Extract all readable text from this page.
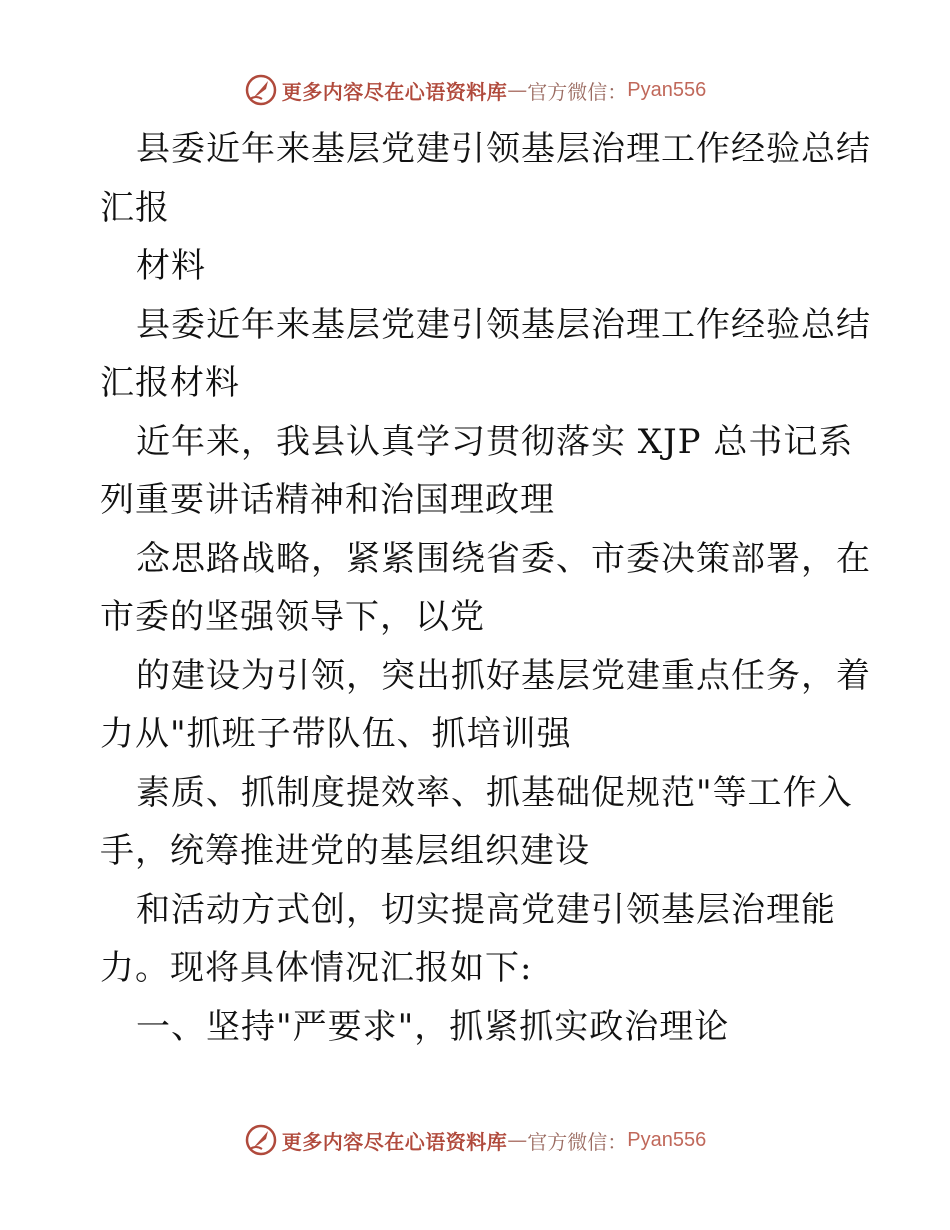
更多内容尽在心语资料库 — 官方微信： Pyan556
县委近年来基层党建引领基层治理工作经验总结
汇报
材料
县委近年来基层党建引领基层治理工作经验总结
汇报材料
近年来，我县认真学习贯彻落实 XJP 总书记系
列重要讲话精神和治国理政理
念思路战略，紧紧围绕省委、市委决策部署，在
市委的坚强领导下，以党
的建设为引领，突出抓好基层党建重点任务，着
力从"抓班子带队伍、抓培训强
素质、抓制度提效率、抓基础促规范"等工作入
手，统筹推进党的基层组织建设
和活动方式创，切实提高党建引领基层治理能
力。现将具体情况汇报如下:
一、坚持"严要求"，抓紧抓实政治理论
更多内容尽在心语资料库 — 官方微信： Pyan556
